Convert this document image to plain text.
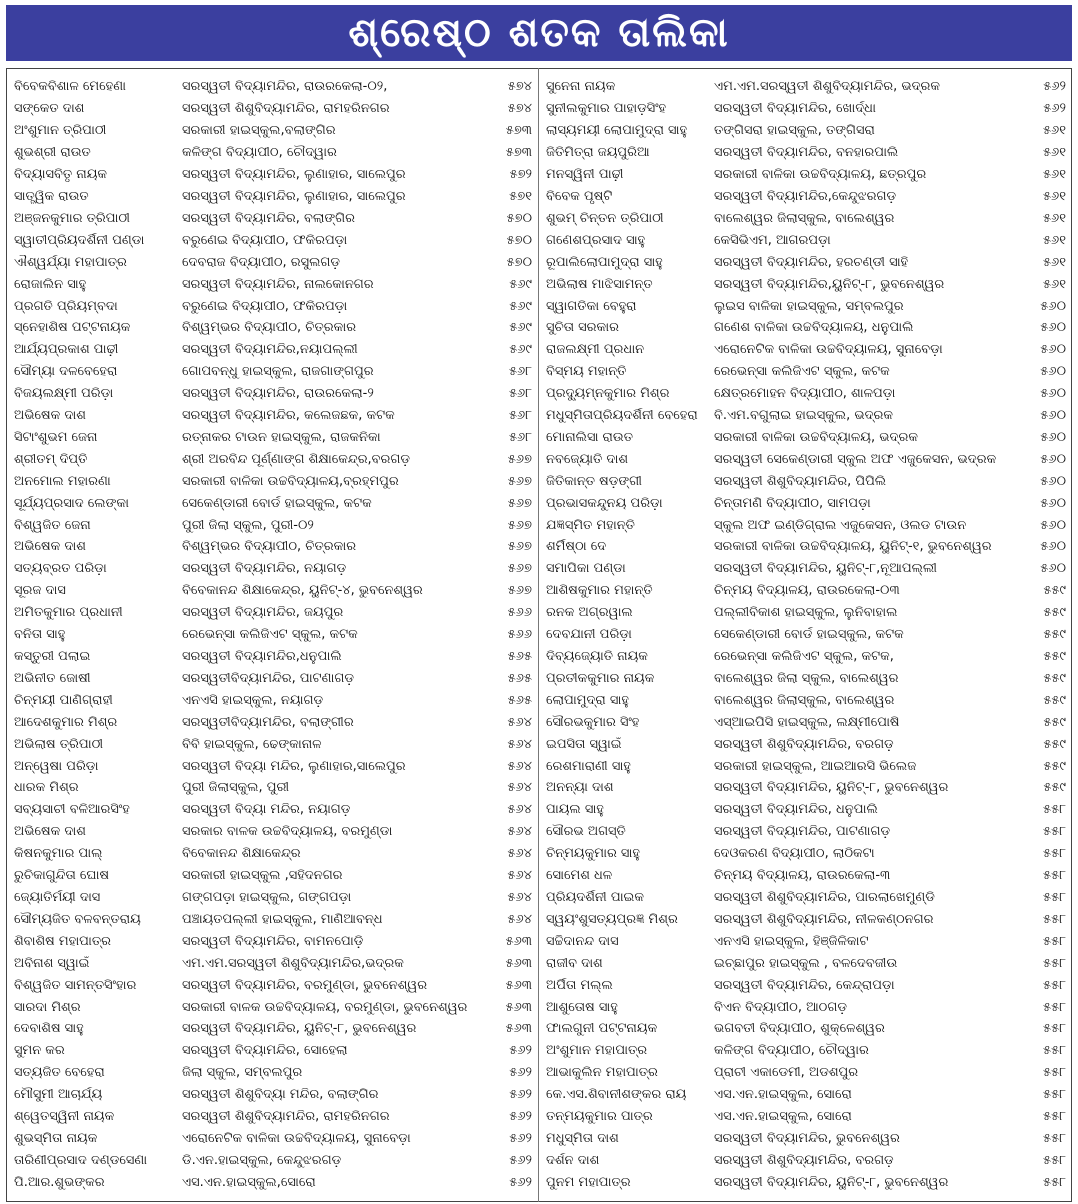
ଶ୍ରେଷ୍ଠ ଶତକ ତାଲିକା
ବିବେକବିଶାଳ ମେହେଣା	ସରସ୍ୱତୀ ବିଦ୍ୟାମନ୍ଦିର, ରାଉରକେଲା-୦୨,	୫୭୪
ସଙ୍କେତ ଦାଶ	ସରସ୍ୱତୀ ଶିଶୁବିଦ୍ୟାମନ୍ଦିର, ରାମହରିନଗର	୫୭୪
ଅଂଶୁମାନ ତ୍ରିପାଠୀ	ସରକାରୀ ହାଇସ୍କୁଲ,ବଲାଙ୍ଗିର	୫୭୩
ଶୁଭଶ୍ରୀ ରାଉତ	କଳିଙ୍ଗ ବିଦ୍ୟାପୀଠ, ଚୌଦ୍ୱାର	୫୭୩
ବିଦ୍ୟାସବିତୃ ନାୟକ	ସରସ୍ୱତୀ ବିଦ୍ୟାମନ୍ଦିର, ଲୁଣାହାର, ସାଲେପୁର	୫୭୨
ସାତ୍ତ୍ୱିକ ରାଉତ	ସରସ୍ୱତୀ ବିଦ୍ୟାମନ୍ଦିର, ଲୁଣାହାର, ସାଲେପୁର	୫୭୧
ଅଞ୍ଜନକୁମାର ତ୍ରିପାଠୀ	ସରସ୍ୱତୀ ବିଦ୍ୟାମନ୍ଦିର, ବଲାଙ୍ଗିର	୫୭୦
ସ୍ୱାତୀପ୍ରିୟଦର୍ଶିନୀ ପଣ୍ଡା	ବରୁଣେଇ ବିଦ୍ୟାପୀଠ, ଫକିରପଡ଼ା	୫୭୦
ଐଶ୍ୱର୍ଯ୍ୟା ମହାପାତ୍ର	ଦେବରାଜ ବିଦ୍ୟାପୀଠ, ରସୁଲଗଡ଼	୫୭୦
ରୋଜାଲିନ ସାହୁ	ସରସ୍ୱତୀ ବିଦ୍ୟାମନ୍ଦିର, ନାଲକୋନଗର	୫୬୯
ପ୍ରଗତି ପ୍ରିୟମ୍ବଦା	ବରୁଣେଇ ବିଦ୍ୟାପୀଠ, ଫକିରପଡ଼ା	୫୬୯
ସ୍ନେହାଶିଷ ପଟ୍ଟନାୟକ	ବିଶ୍ୱମ୍ଭର ବିଦ୍ୟାପୀଠ, ଚିତ୍ରକାର	୫୬୯
ଆର୍ଯ୍ୟପ୍ରକାଶ ପାଢ଼ୀ	ସରସ୍ୱତୀ ବିଦ୍ୟାମନ୍ଦିର,ନୟାପଲ୍ଲୀ	୫୬୯
ସୌମ୍ୟା ଦଳବେହେରା	ଗୋପବନ୍ଧୁ ହାଇସ୍କୁଲ, ରାଜଗାଙ୍ଗପୁର	୫୬୮
ବିଜୟଲକ୍ଷ୍ମୀ ପରିଡ଼ା	ସରସ୍ୱତୀ ବିଦ୍ୟାମନ୍ଦିର, ରାଉରକେଲା-୨	୫୬୮
ଅଭିଷେକ ଦାଶ	ସରସ୍ୱତୀ ବିଦ୍ୟାମନ୍ଦିର, କଲେଜଛକ, କଟକ	୫୬୮
ସିଟାଂଶୁଭମ ଜେନା	ରତ୍ନାକର ଟାଉନ ହାଇସ୍କୁଲ, ରାଜକନିକା	୫୬୮
ଶ୍ରୀତମ୍ ଦିପ୍ତି	ଶ୍ରୀ ଅରବିନ୍ଦ ପୂର୍ଣ୍ଣାଙ୍ଗ ଶିକ୍ଷାକେନ୍ଦ୍ର,ବରଗଡ଼	୫୬୭
ଅନମୋଲ ମହାରଣା	ସରକାରୀ ବାଳିକା ଉଚ୍ଚବିଦ୍ୟାଳୟ,ବ୍ରହ୍ମପୁର	୫୬୭
ସୂର୍ଯ୍ୟପ୍ରସାଦ ଲେଙ୍କା	ସେକେଣ୍ଡାରୀ ବୋର୍ଡ ହାଇସ୍କୁଲ, କଟକ	୫୬୭
ବିଶ୍ୱଜିତ ଜେନା	ପୁରୀ ଜିଲା ସ୍କୁଲ, ପୁରୀ-୦୨	୫୬୭
ଅଭିଷେକ ଦାଶ	ବିଶ୍ୱମ୍ଭର ବିଦ୍ୟାପୀଠ, ଚିତ୍ରକାର	୫୬୭
ସତ୍ୟବ୍ରତ ପରିଡ଼ା	ସରସ୍ୱତୀ ବିଦ୍ୟାମନ୍ଦିର, ନୟାଗଡ଼	୫୬୭
ସୂରଜ ଦାସ	ବିବେକାନନ୍ଦ ଶିକ୍ଷାକେନ୍ଦ୍ର, ୟୁନିଟ୍-୪, ଭୁବନେଶ୍ୱର	୫୬୭
ଅମିତକୁମାର ପ୍ରଧାନୀ	ସରସ୍ୱତୀ ବିଦ୍ୟାମନ୍ଦିର, ଜୟପୁର	୫୬୬
ବନିତା ସାହୁ	ରେଭେନ୍ସା କଲିଜିଏଟ ସ୍କୁଲ, କଟକ	୫୬୬
କସ୍ତୁରୀ ପଲାଇ	ସରସ୍ୱତୀ ବିଦ୍ୟାମନ୍ଦିର,ଧନୁପାଲି	୫୬୫
ଅଭିନୀତ ଜୋଷୀ	ସରସ୍ୱତୀବିଦ୍ୟାମନ୍ଦିର, ପାଟଣାଗଡ଼	୫୬୫
ଚିନ୍ମୟୀ ପାଣିଗ୍ରାହୀ	ଏନଏସି ହାଇସ୍କୁଲ, ନୟାଗଡ଼	୫୬୫
ଆଦେଶକୁମାର ମିଶ୍ର	ସରସ୍ୱତୀବିଦ୍ୟାମନ୍ଦିର, ବଲାଙ୍ଗୀର	୫୬୪
ଅଭିଲାଷ ତ୍ରିପାଠୀ	ବିବି ହାଇସ୍କୁଲ, ଢେଙ୍କାନାଳ	୫୬୪
ଅନ୍ୱେଷା ପରିଡ଼ା	ସରସ୍ୱତୀ ବିଦ୍ୟା ମନ୍ଦିର, ଲୁଣାହାର,ସାଲେପୁର	୫୬୪
ଧାରକ ମିଶ୍ର	ପୁରୀ ଜିଲାସ୍କୁଲ, ପୁରୀ	୫୬୪
ସବ୍ୟସାଚୀ ବଳିଆରସିଂହ	ସରସ୍ୱତୀ ବିଦ୍ୟା ମନ୍ଦିର, ନୟାଗଡ଼	୫୬୪
ଅଭିଷେକ ଦାଶ	ସରକାର ବାଳକ ଉଚ୍ଚବିଦ୍ୟାଳୟ, ବରମୁଣ୍ଡା	୫୬୪
କିଷନକୁମାର ପାଲ୍	ବିବେକାନନ୍ଦ ଶିକ୍ଷାକେନ୍ଦ୍ର	୫୬୪
ରୁଚିକାଗୁନ୍ଦିତା ଘୋଷ	ସରକାରୀ ହାଇସ୍କୁଲ ,ସହିଦନଗର	୫୬୪
ଜ୍ୟୋତିର୍ମୟୀ ଦାସ	ଗଙ୍ଗପଡ଼ା ହାଇସ୍କୁଲ, ଗଙ୍ଗପଡ଼ା	୫୬୪
ସୌମ୍ୟଜିତ ବଳବନ୍ତରାୟ	ପଞ୍ଚାୟତପଲ୍ଲୀ ହାଇସ୍କୁଲ, ମାଣିଆବନ୍ଧ	୫୬୪
ଶିବାଶିଷ ମହାପାତ୍ର	ସରସ୍ୱତୀ ବିଦ୍ୟାମନ୍ଦିର, ବାମନପୋଡ଼ି	୫୬୩
ଅବିନାଶ ସ୍ୱାଇଁ	ଏମ.ଏମ.ସରସ୍ୱତୀ ଶିଶୁବିଦ୍ୟାମନ୍ଦିର,ଭଦ୍ରକ	୫୬୩
ବିଶ୍ୱଜିତ ସାମନ୍ତସିଂହାର	ସରସ୍ୱତୀ ବିଦ୍ୟାମନ୍ଦିର, ବରମୁଣ୍ଡା, ଭୁବନେଶ୍ୱର	୫୬୩
ସାରଦା ମିଶ୍ର	ସରକାରୀ ବାଳକ ଉଚ୍ଚବିଦ୍ୟାଳୟ, ବରମୁଣ୍ଡା, ଭୁବନେଶ୍ୱର	୫୬୩
ଦେବାଶିଷ ସାହୁ	ସରସ୍ୱତୀ ବିଦ୍ୟାମନ୍ଦିର, ୟୁନିଟ୍-୮, ଭୁବନେଶ୍ୱର	୫୬୩
ସୁମନ କର	ସରସ୍ୱତୀ ବିଦ୍ୟାମନ୍ଦିର, ସୋହେଲା	୫୬୨
ସତ୍ୟଜିତ ବେହେରା	ଜିଲା ସ୍କୁଲ, ସମ୍ବଲପୁର	୫୬୨
ମୌସୁମୀ ଆଚାର୍ଯ୍ୟ	ସରସ୍ୱତୀ ଶିଶୁବିଦ୍ୟା ମନ୍ଦିର, ବଲାଙ୍ଗିର	୫୬୨
ଶ୍ୱେତସ୍ୱିନୀ ନାୟକ	ସରସ୍ୱତୀ ଶିଶୁବିଦ୍ୟାମନ୍ଦିର, ରାମହରିନଗର	୫୬୨
ଶୁଭସ୍ମିତା ନାୟକ	ଏରୋନେଟିକ ବାଳିକା ଉଚ୍ଚବିଦ୍ୟାଳୟ, ସୁନାବେଡ଼ା	୫୬୨
ତାରିଣୀପ୍ରସାଦ ଦଣ୍ଡସେଣା	ଡି.ଏନ.ହାଇସ୍କୁଲ, କେନ୍ଦୁଝରଗଡ଼	୫୬୨
ପି.ଆର.ଶୁଭଙ୍କର	ଏସ.ଏନ.ହାଇସ୍କୁଲ,ସୋରୋ	୫୬୨
ସୁନେନା ନାୟକ	ଏମ.ଏମ.ସରସ୍ୱତୀ ଶିଶୁବିଦ୍ୟାମନ୍ଦିର, ଭଦ୍ରକ	୫୬୨
ସୁନୀଲକୁମାର ପାହାଡ଼ସିଂହ	ସରସ୍ୱତୀ ବିଦ୍ୟାମନ୍ଦିର, ଖୋର୍ଦ୍ଧା	୫୬୨
ଲାସ୍ୟମୟୀ ଲୋପାମୁଦ୍ରା ସାହୁ	ତଙ୍ଗିସରା ହାଇସ୍କୁଲ, ତଙ୍ଗିସରା	୫୬୧
ଜିତିମିତ୍ରା ଜୟପୁରିଆ	ସରସ୍ୱତୀ ବିଦ୍ୟାମନ୍ଦିର, ବନହାରପାଲି	୫୬୧
ମନସ୍ୱିନୀ ପାଢ଼ୀ	ସରକାରୀ ବାଳିକା ଉଚ୍ଚବିଦ୍ୟାଳୟ, ଛତ୍ରପୁର	୫୬୧
ବିବେକ ପୃଷ୍ଟି	ସରସ୍ୱତୀ ବିଦ୍ୟାମନ୍ଦିର,କେନ୍ଦୁଝରଗଡ଼	୫୬୧
ଶୁଭମ୍ ଚିନ୍ତନ ତ୍ରିପାଠୀ	ବାଲେଶ୍ୱର ଜିଲାସ୍କୁଲ, ବାଲେଶ୍ୱର	୫୬୧
ଗଣେଶପ୍ରସାଦ ସାହୁ	କେସିଭିଏମ, ଆଗରପଡ଼ା	୫୬୧
ରୂପାଲିଲୋପାମୁଦ୍ରା ସାହୁ	ସରସ୍ୱତୀ ବିଦ୍ୟାମନ୍ଦିର, ହରଚଣ୍ଡୀ ସାହି	୫୬୧
ଅଭିଲାଷ ମାଝିସାମନ୍ତ	ସରସ୍ୱତୀ ବିଦ୍ୟାମନ୍ଦିର,ୟୁନିଟ୍-୮, ଭୁବନେଶ୍ୱର	୫୬୧
ସ୍ୱାଗତିକା ବେହୁରା	ଲୁଇସ ବାଳିକା ହାଇସ୍କୁଲ, ସମ୍ବଲପୁର	୫୬୦
ସୁଚିତା ସରକାର	ଗଣେଶ ବାଳିକା ଉଚ୍ଚବିଦ୍ୟାଳୟ, ଧନୁପାଲି	୫୬୦
ରାଜଲକ୍ଷ୍ମୀ ପ୍ରଧାନ	ଏରୋନେଟିକ ବାଳିକା ଉଚ୍ଚବିଦ୍ୟାଳୟ, ସୁନାବେଡ଼ା	୫୬୦
ବିସ୍ମୟ ମହାନ୍ତି	ରେଭେନ୍ସା କଲିଜିଏଟ ସ୍କୁଲ, କଟକ	୫୬୦
ପ୍ରଦ୍ୟୁମ୍ନକୁମାର ମିଶ୍ର	କ୍ଷେତ୍ରମୋହନ ବିଦ୍ୟାପୀଠ, ଶାଳପଡ଼ା	୫୬୦
ମଧୁସ୍ମିତାପ୍ରିୟଦର୍ଶିନୀ ବେହେରା	ବି.ଏମ.ବଗୁଲାଇ ହାଇସ୍କୁଲ, ଭଦ୍ରକ	୫୬୦
ମୋନାଲିସା ରାଉତ	ସରକାରୀ ବାଳିକା ଉଚ୍ଚବିଦ୍ୟାଳୟ, ଭଦ୍ରକ	୫୬୦
ନବଜ୍ୟୋତି ଦାଶ	ସରସ୍ୱତୀ ସେକେଣ୍ଡାରୀ ସ୍କୁଲ ଅଫ ଏଜୁକେସନ, ଭଦ୍ରକ	୫୬୦
ଜିତିକାନ୍ତ ଷଡ଼ଙ୍ଗୀ	ସରସ୍ୱତୀ ଶିଶୁବିଦ୍ୟାମନ୍ଦିର, ପିପିଲି	୫୬୦
ପ୍ରଭାସକନ୍ଦୁନୟ ପରିଡ଼ା	ଚିନ୍ତାମଣି ବିଦ୍ୟାପୀଠ, ସାମପଡ଼ା	୫୬୦
ଯଜ୍ଞସ୍ମିତ ମହାନ୍ତି	ସ୍କୁଲ ଅଫ ଇଣ୍ଡିଗ୍ରାଲ ଏଜୁକେସନ, ଓଲଡ ଟାଉନ	୫୬୦
ଶର୍ମିଷ୍ଠା ଦେ	ସରକାରୀ ବାଳିକା ଉଚ୍ଚବିଦ୍ୟାଳୟ, ୟୁନିଟ୍-୧, ଭୁବନେଶ୍ୱର	୫୬୦
ସମାପିକା ପଣ୍ଡା	ସରସ୍ୱତୀ ବିଦ୍ୟାମନ୍ଦିର, ୟୁନିଟ୍-୮,ନୂଆପଲ୍ଲୀ	୫୬୦
ଆଶିଷକୁମାର ମହାନ୍ତି	ଚିନ୍ମୟ ବିଦ୍ୟାଳୟ, ରାଉରକେଲା-୦୩	୫୫୯
ରନକ ଅଗ୍ରୱାଲ	ପଲ୍ଲୀବିକାଶ ହାଇସ୍କୁଲ, ଲୁନିବାହାଲ	୫୫୯
ଦେବଯାନୀ ପରିଡ଼ା	ସେକେଣ୍ଡାରୀ ବୋର୍ଡ ହାଇସ୍କୁଲ, କଟକ	୫୫୯
ଦିବ୍ୟଜ୍ୟୋତି ନାୟକ	ରେଭେନ୍ସା କଲିଜିଏଟ ସ୍କୁଲ, କଟକ,	୫୫୯
ପ୍ରତୀକକୁମାର ନାୟକ	ବାଲେଶ୍ୱର ଜିଲା ସ୍କୁଲ, ବାଲେଶ୍ୱର	୫୫୯
ଲୋପାମୁଦ୍ରା ସାହୁ	ବାଲେଶ୍ୱର ଜିଲାସ୍କୁଲ, ବାଲେଶ୍ୱର	୫୫୯
ସୌରଭକୁମାର ସିଂହ	ଏସ୍ଆଇପିସି ହାଇସ୍କୁଲ, ଲକ୍ଷ୍ମୀପୋଷି	୫୫୯
ଇପସିତା ସ୍ୱାଇଁ	ସରସ୍ୱତୀ ଶିଶୁବିଦ୍ୟାମନ୍ଦିର, ବରଗଡ଼	୫୫୯
ରେଶମାରାଣୀ ସାହୁ	ସରକାରୀ ହାଇସ୍କୁଲ, ଆଇଆରସି ଭିଲେଜ	୫୫୯
ଅନନ୍ୟା ଦାଶ	ସରସ୍ୱତୀ ବିଦ୍ୟାମନ୍ଦିର, ୟୁନିଟ୍-୮, ଭୁବନେଶ୍ୱର	୫୫୯
ପାୟଲ ସାହୁ	ସରସ୍ୱତୀ ବିଦ୍ୟାମନ୍ଦିର, ଧନୁପାଲି	୫୫୮
ସୌରଭ ଅଗସ୍ତି	ସରସ୍ୱତୀ ବିଦ୍ୟାମନ୍ଦିର, ପାଟଣାଗଡ଼	୫୫୮
ଚିନ୍ମୟକୁମାର ସାହୁ	ଦେଓକରଣ ବିଦ୍ୟାପୀଠ, ଲାଠିକଟା	୫୫୮
ସୋମେଶ ଧଳ	ଚିନ୍ମୟ ବିଦ୍ୟାଳୟ, ରାଉରକେଲା-୩	୫୫୮
ପ୍ରିୟଦର୍ଶିନୀ ପାଇକ	ସରସ୍ୱତୀ ଶିଶୁବିଦ୍ୟାମନ୍ଦିର, ପାରଲାଖେମୁଣ୍ଡି	୫୫୮
ସ୍ୱୟଂଶୁସତ୍ୟପ୍ରଜ୍ଞ ମିଶ୍ର	ସରସ୍ୱତୀ ଶିଶୁବିଦ୍ୟାମନ୍ଦିର, ନୀଳକଣ୍ଠନଗର	୫୫୮
ସଚ୍ଚିଦାନନ୍ଦ ଦାସ	ଏନଏସି ହାଇସ୍କୁଲ, ହିଞ୍ଜିଳିକାଟ	୫୫୮
ରାଜୀବ ଦାଶ	ଇଚ୍ଛାପୁର ହାଇସ୍କୁଲ , ବଳଦେବଜୀଉ	୫୫୮
ଅର୍ପିତା ମଲ୍ଲ	ସରସ୍ୱତୀ ବିଦ୍ୟାମନ୍ଦିର, କେନ୍ଦ୍ରାପଡ଼ା	୫୫୮
ଆଶୁତୋଷ ସାହୁ	ବିଏନ ବିଦ୍ୟାପୀଠ, ଆଠଗଡ଼	୫୫୮
ଫାଲଗୁନୀ ପଟ୍ଟନାୟକ	ଭଗବତୀ ବିଦ୍ୟାପୀଠ, ଶୁକ୍ଳେଶ୍ୱର	୫୫୮
ଅଂଶୁମାନ ମହାପାତ୍ର	କଳିଙ୍ଗ ବିଦ୍ୟାପୀଠ, ଚୌଦ୍ୱାର	୫୫୮
ଆଭାକୁଲିନ ମହାପାତ୍ର	ପ୍ରାଚୀ ଏକାଡେମୀ, ଅଡଶପୁର	୫୫୮
କେ.ଏସ.ଶିବାନୀଶଙ୍କର ରାୟ	ଏସ.ଏନ.ହାଇସ୍କୁଲ, ସୋରୋ	୫୫୮
ତନ୍ମୟକୁମାର ପାତ୍ର	ଏସ.ଏନ.ହାଇସ୍କୁଲ, ସୋରୋ	୫୫୮
ମଧୁସ୍ମିତା ଦାଶ	ସରସ୍ୱତୀ ବିଦ୍ୟାମନ୍ଦିର, ଭୁବନେଶ୍ୱର	୫୫୮
ଦର୍ଶନ ଦାଶ	ସରସ୍ୱତୀ ଶିଶୁବିଦ୍ୟାମନ୍ଦିର, ବରଗଡ଼	୫୫୮
ପୁନମ ମହାପାତ୍ର	ସରସ୍ୱତୀ ବିଦ୍ୟାମନ୍ଦିର, ୟୁନିଟ୍-୮, ଭୁବନେଶ୍ୱର	୫୫୮
